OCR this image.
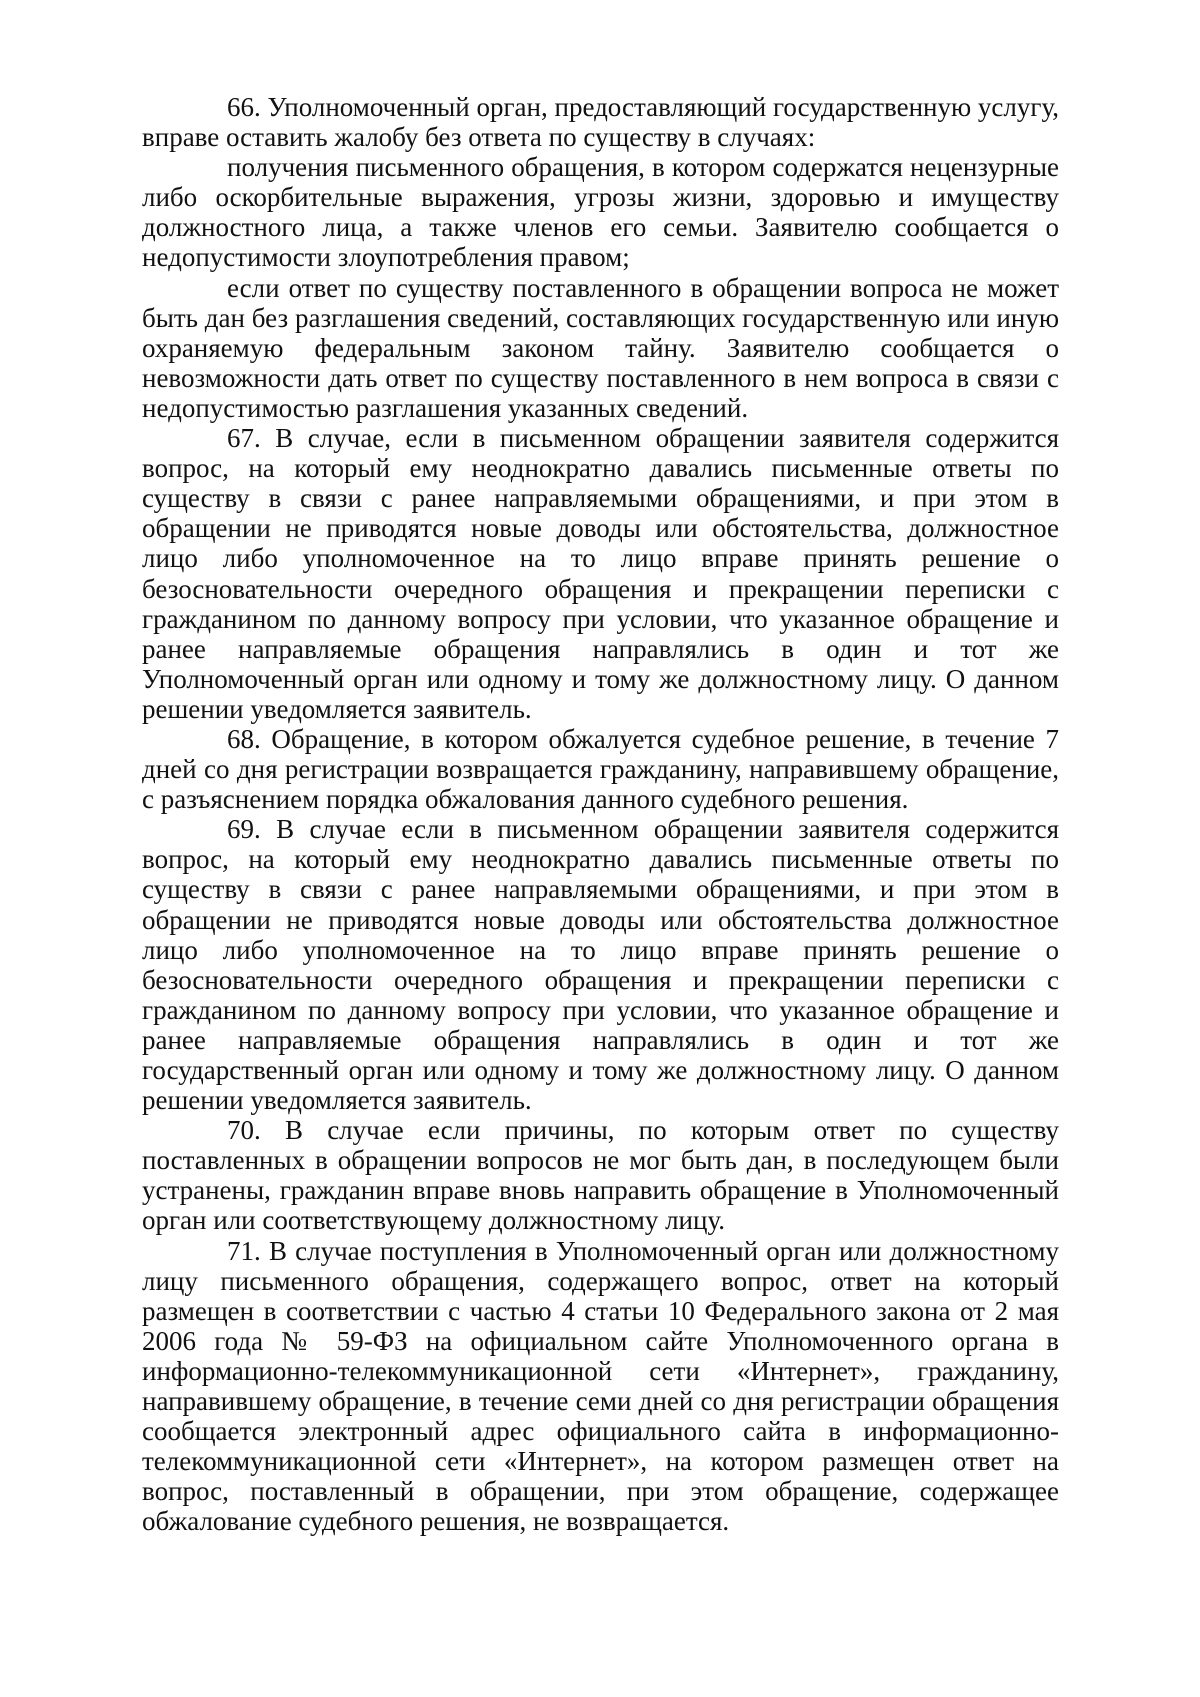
66. Уполномоченный орган, предоставляющий государственную услугу, вправе оставить жалобу без ответа по существу в случаях:

получения письменного обращения, в котором содержатся нецензурные либо оскорбительные выражения, угрозы жизни, здоровью и имуществу должностного лица, а также членов его семьи. Заявителю сообщается о недопустимости злоупотребления правом;

если ответ по существу поставленного в обращении вопроса не может быть дан без разглашения сведений, составляющих государственную или иную охраняемую федеральным законом тайну. Заявителю сообщается о невозможности дать ответ по существу поставленного в нем вопроса в связи с недопустимостью разглашения указанных сведений.

67. В случае, если в письменном обращении заявителя содержится вопрос, на который ему неоднократно давались письменные ответы по существу в связи с ранее направляемыми обращениями, и при этом в обращении не приводятся новые доводы или обстоятельства, должностное лицо либо уполномоченное на то лицо вправе принять решение о безосновательности очередного обращения и прекращении переписки с гражданином по данному вопросу при условии, что указанное обращение и ранее направляемые обращения направлялись в один и тот же Уполномоченный орган или одному и тому же должностному лицу. О данном решении уведомляется заявитель.

68. Обращение, в котором обжалуется судебное решение, в течение 7 дней со дня регистрации возвращается гражданину, направившему обращение, с разъяснением порядка обжалования данного судебного решения.

69. В случае если в письменном обращении заявителя содержится вопрос, на который ему неоднократно давались письменные ответы по существу в связи с ранее направляемыми обращениями, и при этом в обращении не приводятся новые доводы или обстоятельства должностное лицо либо уполномоченное на то лицо вправе принять решение о безосновательности очередного обращения и прекращении переписки с гражданином по данному вопросу при условии, что указанное обращение и ранее направляемые обращения направлялись в один и тот же государственный орган или одному и тому же должностному лицу. О данном решении уведомляется заявитель.

70. В случае если причины, по которым ответ по существу поставленных в обращении вопросов не мог быть дан, в последующем были устранены, гражданин вправе вновь направить обращение в Уполномоченный орган или соответствующему должностному лицу.

71. В случае поступления в Уполномоченный орган или должностному лицу письменного обращения, содержащего вопрос, ответ на который размещен в соответствии с частью 4 статьи 10 Федерального закона от 2 мая 2006 года № 59-ФЗ на официальном сайте Уполномоченного органа в информационно-телекоммуникационной сети «Интернет», гражданину, направившему обращение, в течение семи дней со дня регистрации обращения сообщается электронный адрес официального сайта в информационно-телекоммуникационной сети «Интернет», на котором размещен ответ на вопрос, поставленный в обращении, при этом обращение, содержащее обжалование судебного решения, не возвращается.
